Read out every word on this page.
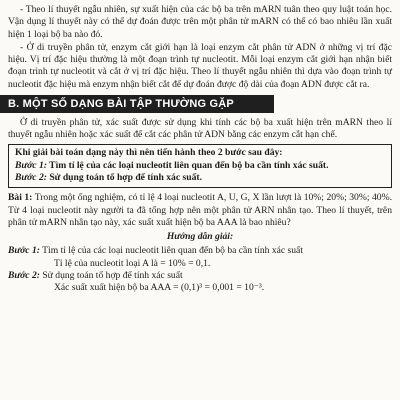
- Theo lí thuyết ngẫu nhiên, sự xuất hiện của các bộ ba trên mARN tuân theo quy luật toán học. Vận dụng lí thuyết này có thể dự đoán được trên một phân tử mARN có thể có bao nhiêu lần xuất hiện 1 loại bộ ba nào đó.

- Ở di truyền phân tử, enzym cắt giới hạn là loại enzym cắt phân tử ADN ở những vị trí đặc hiệu. Vị trí đặc hiệu thường là một đoạn trình tự nucleotit. Mỗi loại enzym cắt giới hạn nhận biết đoạn trình tự nucleotit và cắt ở vị trí đặc hiệu. Theo lí thuyết ngẫu nhiên thì dựa vào đoạn trình tự nucleotit đặc hiệu mà enzym nhận biết cắt để dự đoán được độ dài của đoạn ADN được cắt ra.

B. MỘT SỐ DẠNG BÀI TẬP THƯỜNG GẶP

Ở di truyền phân tử, xác suất được sử dụng khi tính các bộ ba xuất hiện trên mARN theo lí thuyết ngẫu nhiên hoặc xác suất để cắt các phân tử ADN bằng các enzym cắt hạn chế.

Khi giải bài toán dạng này thì nên tiến hành theo 2 bước sau đây:

Bước 1: Tìm tỉ lệ của các loại nucleotit liên quan đến bộ ba cần tính xác suất.

Bước 2: Sử dụng toán tổ hợp để tính xác suất.

Bài 1: Trong một ống nghiệm, có tỉ lệ 4 loại nucleotit A, U, G, X lần lượt là 10%; 20%; 30%; 40%. Từ 4 loại nucleotit này người ta đã tổng hợp nên một phân tử ARN nhân tạo. Theo lí thuyết, trên phân tử mARN nhân tạo này, xác suất xuất hiện bộ ba AAA là bao nhiêu?

Hướng dẫn giải:

Bước 1: Tìm tỉ lệ của các loại nucleotit liên quan đến bộ ba cần tính xác suất

Tỉ lệ của nucleotit loại A là = 10% = 0,1.

Bước 2: Sử dụng toán tổ hợp để tính xác suất

Xác suất xuất hiện bộ ba AAA = (0,1)³ = 0,001 = 10⁻³.
